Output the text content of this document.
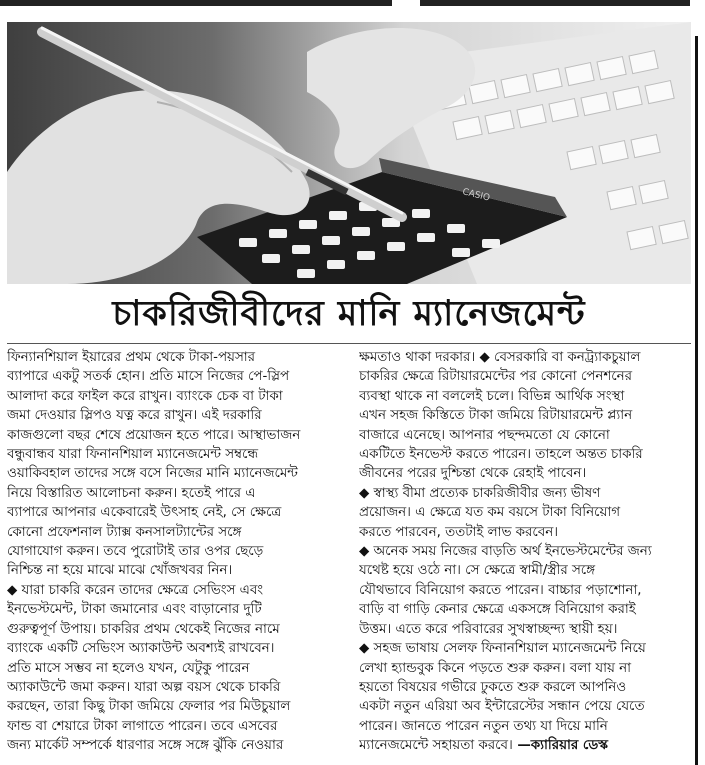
CASIO
চাকরিজীবীদের মানি ম্যানেজমেন্ট

ফিন্যানশিয়াল ইয়ারের প্রথম থেকে টাকা-পয়সার
ব্যাপারে একটু সতর্ক হোন। প্রতি মাসে নিজের পে-স্লিপ
আলাদা করে ফাইল করে রাখুন। ব্যাংকে চেক বা টাকা
জমা দেওয়ার স্লিপও যত্ন করে রাখুন। এই দরকারি
কাজগুলো বছর শেষে প্রয়োজন হতে পারে। আস্থাভাজন
বন্ধুবান্ধব যারা ফিনানশিয়াল ম্যানেজমেন্ট সম্বন্ধে
ওয়াকিবহাল তাদের সঙ্গে বসে নিজের মানি ম্যানেজমেন্ট
নিয়ে বিস্তারিত আলোচনা করুন। হতেই পারে এ
ব্যাপারে আপনার একেবারেই উৎসাহ নেই, সে ক্ষেত্রে
কোনো প্রফেশনাল ট্যাক্স কনসালট্যান্টের সঙ্গে
যোগাযোগ করুন। তবে পুরোটাই তার ওপর ছেড়ে
নিশ্চিন্ত না হয়ে মাঝে মাঝে খোঁজখবর নিন।

◆ যারা চাকরি করেন তাদের ক্ষেত্রে সেভিংস এবং
ইনভেস্টমেন্ট, টাকা জমানোর এবং বাড়ানোর দুটি
গুরুত্বপূর্ণ উপায়। চাকরির প্রথম থেকেই নিজের নামে
ব্যাংকে একটি সেভিংস অ্যাকাউন্ট অবশ্যই রাখবেন।
প্রতি মাসে সম্ভব না হলেও যখন, যেটুকু পারেন
অ্যাকাউন্টে জমা করুন। যারা অল্প বয়স থেকে চাকরি
করছেন, তারা কিছু টাকা জমিয়ে ফেলার পর মিউচুয়াল
ফান্ড বা শেয়ারে টাকা লাগাতে পারেন। তবে এসবের
জন্য মার্কেট সম্পর্কে ধারণার সঙ্গে সঙ্গে ঝুঁকি নেওয়ার

ক্ষমতাও থাকা দরকার। ◆ বেসরকারি বা কনট্র্যাকচুয়াল
চাকরির ক্ষেত্রে রিটায়ারমেন্টের পর কোনো পেনশনের
ব্যবস্থা থাকে না বললেই চলে। বিভিন্ন আর্থিক সংস্থা
এখন সহজ কিস্তিতে টাকা জমিয়ে রিটায়ারমেন্ট প্ল্যান
বাজারে এনেছে। আপনার পছন্দমতো যে কোনো
একটিতে ইনভেস্ট করতে পারেন। তাহলে অন্তত চাকরি
জীবনের পরের দুশ্চিন্তা থেকে রেহাই পাবেন।

◆ স্বাস্থ্য বীমা প্রত্যেক চাকরিজীবীর জন্য ভীষণ
প্রয়োজন। এ ক্ষেত্রে যত কম বয়সে টাকা বিনিয়োগ
করতে পারবেন, ততটাই লাভ করবেন।

◆ অনেক সময় নিজের বাড়তি অর্থ ইনভেস্টমেন্টের জন্য
যথেষ্ট হয়ে ওঠে না। সে ক্ষেত্রে স্বামী/স্ত্রীর সঙ্গে
যৌথভাবে বিনিয়োগ করতে পারেন। বাচ্চার পড়াশোনা,
বাড়ি বা গাড়ি কেনার ক্ষেত্রে একসঙ্গে বিনিয়োগ করাই
উত্তম। এতে করে পরিবারের সুখস্বাচ্ছন্দ্য স্থায়ী হয়।

◆ সহজ ভাষায় সেলফ ফিনানশিয়াল ম্যানেজমেন্ট নিয়ে
লেখা হ্যান্ডবুক কিনে পড়তে শুরু করুন। বলা যায় না
হয়তো বিষয়ের গভীরে ঢুকতে শুরু করলে আপনিও
একটা নতুন এরিয়া অব ইন্টারেস্টের সন্ধান পেয়ে যেতে
পারেন। জানতে পারেন নতুন তথ্য যা দিয়ে মানি
ম্যানেজমেন্টে সহায়তা করবে। —ক্যারিয়ার ডেস্ক
